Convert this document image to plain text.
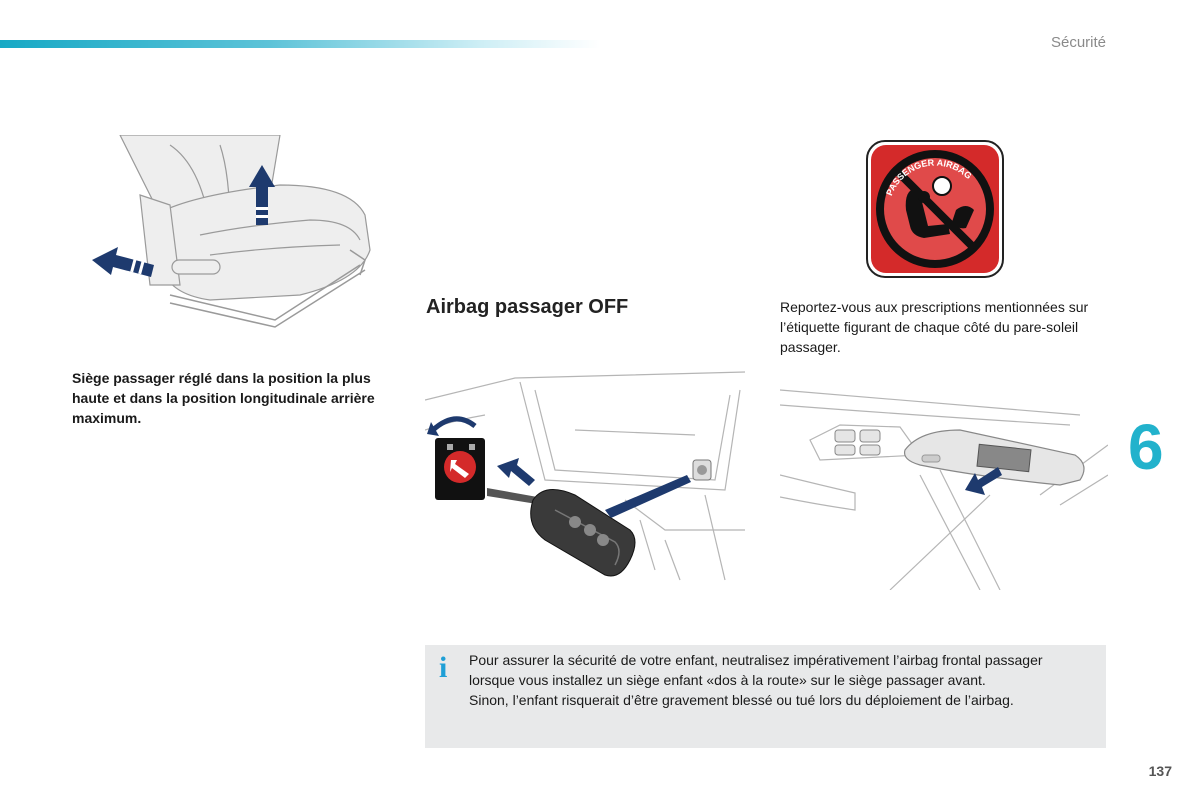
Sécurité
Siège passager réglé dans la position la plus haute et dans la position longitudinale arrière maximum.
PASSENGER AIRBAG
Airbag passager OFF	Reportez-vous aux prescriptions mentionnées sur l’étiquette figurant de chaque côté du pare-soleil passager.
i Pour assurer la sécurité de votre enfant, neutralisez impérativement l’airbag frontal passager lorsque vous installez un siège enfant «dos à la route» sur le siège passager avant.

Sinon, l’enfant risquerait d’être gravement blessé ou tué lors du déploiement de l’airbag.

6
137
